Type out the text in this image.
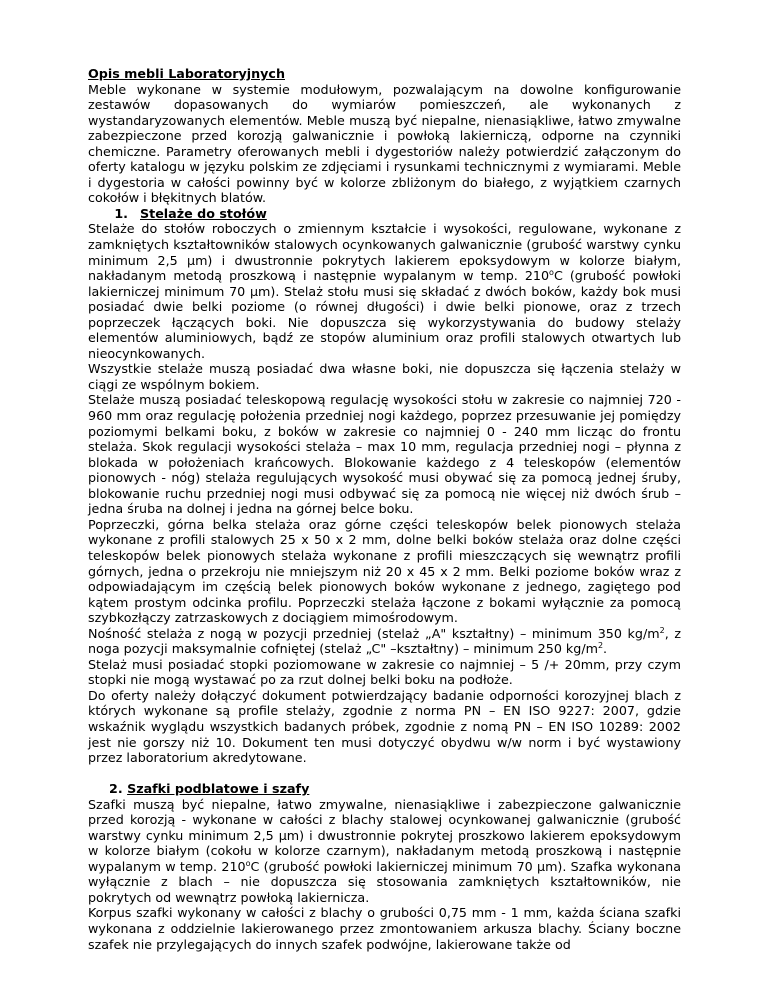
Opis mebli Laboratoryjnych

Meble wykonane w systemie modułowym, pozwalającym na dowolne konfigurowanie zestawów dopasowanych do wymiarów pomieszczeń, ale wykonanych z wystandaryzowanych elementów. Meble muszą być niepalne, nienasiąkliwe, łatwo zmywalne zabezpieczone przed korozją galwanicznie i powłoką lakierniczą, odporne na czynniki chemiczne. Parametry oferowanych mebli i dygestoriów należy potwierdzić załączonym do oferty katalogu w języku polskim ze zdjęciami i rysunkami technicznymi z wymiarami. Meble i dygestoria w całości powinny być w kolorze zbliżonym do białego, z wyjątkiem czarnych cokołów i błękitnych blatów.

1. Stelaże do stołów

Stelaże do stołów roboczych o zmiennym kształcie i wysokości, regulowane, wykonane z zamkniętych kształtowników stalowych ocynkowanych galwanicznie (grubość warstwy cynku minimum 2,5 µm) i dwustronnie pokrytych lakierem epoksydowym w kolorze białym, nakładanym metodą proszkową i następnie wypalanym w temp. 210$^o$C (grubość powłoki lakierniczej minimum 70 µm). Stelaż stołu musi się składać z dwóch boków, każdy bok musi posiadać dwie belki poziome (o równej długości) i dwie belki pionowe, oraz z trzech poprzeczek łączących boki. Nie dopuszcza się wykorzystywania do budowy stelaży elementów aluminiowych, bądź ze stopów aluminium oraz profili stalowych otwartych lub nieocynkowanych.

Wszystkie stelaże muszą posiadać dwa własne boki, nie dopuszcza się łączenia stelaży w ciągi ze wspólnym bokiem.

Stelaże muszą posiadać teleskopową regulację wysokości stołu w zakresie co najmniej 720 - 960 mm oraz regulację położenia przedniej nogi każdego, poprzez przesuwanie jej pomiędzy poziomymi belkami boku, z boków w zakresie co najmniej 0 - 240 mm licząc do frontu stelaża. Skok regulacji wysokości stelaża – max 10 mm, regulacja przedniej nogi – płynna z blokada w położeniach krańcowych. Blokowanie każdego z 4 teleskopów (elementów pionowych - nóg) stelaża regulujących wysokość musi obywać się za pomocą jednej śruby, blokowanie ruchu przedniej nogi musi odbywać się za pomocą nie więcej niż dwóch śrub – jedna śruba na dolnej i jedna na górnej belce boku.

Poprzeczki, górna belka stelaża oraz górne części teleskopów belek pionowych stelaża wykonane z profili stalowych 25 x 50 x 2 mm, dolne belki boków stelaża oraz dolne części teleskopów belek pionowych stelaża wykonane z profili mieszczących się wewnątrz profili górnych, jedna o przekroju nie mniejszym niż 20 x 45 x 2 mm. Belki poziome boków wraz z odpowiadającym im częścią belek pionowych boków wykonane z jednego, zagiętego pod kątem prostym odcinka profilu. Poprzeczki stelaża łączone z bokami wyłącznie za pomocą szybkozłączy zatrzaskowych z dociągiem mimośrodowym.

Nośność stelaża z nogą w pozycji przedniej (stelaż „A" kształtny) – minimum 350 $kg/m^2$, z noga pozycji maksymalnie cofniętej (stelaż „C" –kształtny) – minimum 250 $kg/m^2$.

Stelaż musi posiadać stopki poziomowane w zakresie co najmniej – 5 /+ 20mm, przy czym stopki nie mogą wystawać po za rzut dolnej belki boku na podłoże.

Do oferty należy dołączyć dokument potwierdzający badanie odporności korozyjnej blach z których wykonane są profile stelaży, zgodnie z norma PN – EN ISO 9227: 2007, gdzie wskaźnik wyglądu wszystkich badanych próbek, zgodnie z nomą PN – EN ISO 10289: 2002 jest nie gorszy niż 10. Dokument ten musi dotyczyć obydwu w/w norm i być wystawiony przez laboratorium akredytowane.

2. Szafki podblatowe i szafy

Szafki muszą być niepalne, łatwo zmywalne, nienasiąkliwe i zabezpieczone galwanicznie przed korozją - wykonane w całości z blachy stalowej ocynkowanej galwanicznie (grubość warstwy cynku minimum 2,5 µm) i dwustronnie pokrytej proszkowo lakierem epoksydowym w kolorze białym (cokołu w kolorze czarnym), nakładanym metodą proszkową i następnie wypalanym w temp. 210$^o$C (grubość powłoki lakierniczej minimum 70 µm). Szafka wykonana wyłącznie z blach – nie dopuszcza się stosowania zamkniętych kształtowników, nie pokrytych od wewnątrz powłoką lakiernicza.

Korpus szafki wykonany w całości z blachy o grubości 0,75 mm - 1 mm, każda ściana szafki wykonana z oddzielnie lakierowanego przez zmontowaniem arkusza blachy. Ściany boczne szafek nie przylegających do innych szafek podwójne, lakierowane także od
